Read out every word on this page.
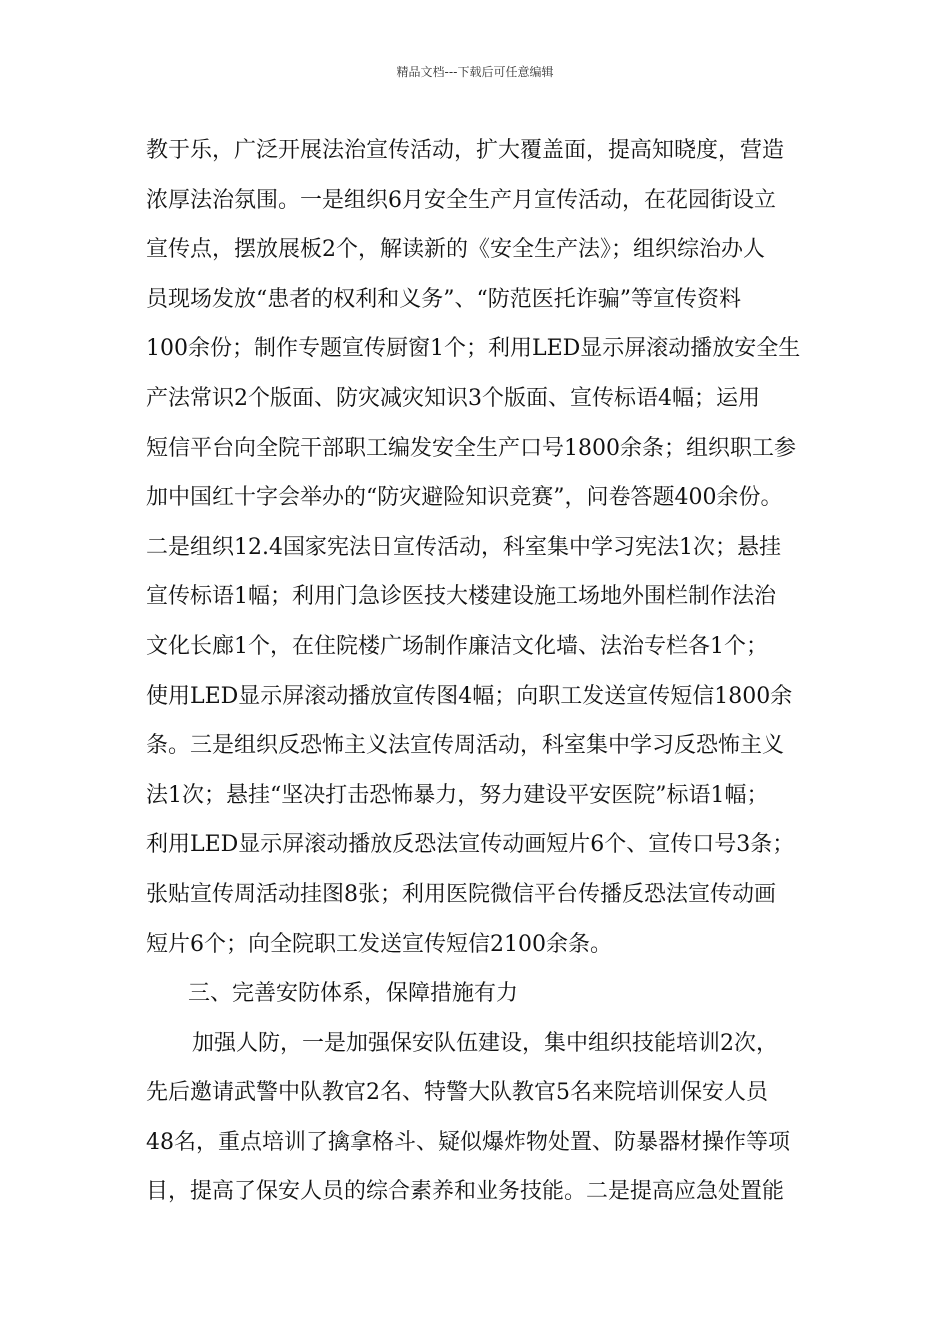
精品文档---下载后可任意编辑
教于乐，广泛开展法治宣传活动，扩大覆盖面，提高知晓度，营造
浓厚法治氛围。一是组织6月安全生产月宣传活动，在花园街设立
宣传点，摆放展板2个，解读新的《安全生产法》；组织综治办人
员现场发放“患者的权利和义务”、“防范医托诈骗”等宣传资料
100余份；制作专题宣传厨窗1个；利用LED显示屏滚动播放安全生
产法常识2个版面、防灾减灾知识3个版面、宣传标语4幅；运用
短信平台向全院干部职工编发安全生产口号1800余条；组织职工参
加中国红十字会举办的“防灾避险知识竞赛”，问卷答题400余份。
二是组织12.4国家宪法日宣传活动，科室集中学习宪法1次；悬挂
宣传标语1幅；利用门急诊医技大楼建设施工场地外围栏制作法治
文化长廊1个，在住院楼广场制作廉洁文化墙、法治专栏各1个；
使用LED显示屏滚动播放宣传图4幅；向职工发送宣传短信1800余
条。三是组织反恐怖主义法宣传周活动，科室集中学习反恐怖主义
法1次；悬挂“坚决打击恐怖暴力，努力建设平安医院”标语1幅；
利用LED显示屏滚动播放反恐法宣传动画短片6个、宣传口号3条；
张贴宣传周活动挂图8张；利用医院微信平台传播反恐法宣传动画
短片6个；向全院职工发送宣传短信2100余条。
三、完善安防体系，保障措施有力
加强人防，一是加强保安队伍建设，集中组织技能培训2次，
先后邀请武警中队教官2名、特警大队教官5名来院培训保安人员
48名，重点培训了擒拿格斗、疑似爆炸物处置、防暴器材操作等项
目，提高了保安人员的综合素养和业务技能。二是提高应急处置能
